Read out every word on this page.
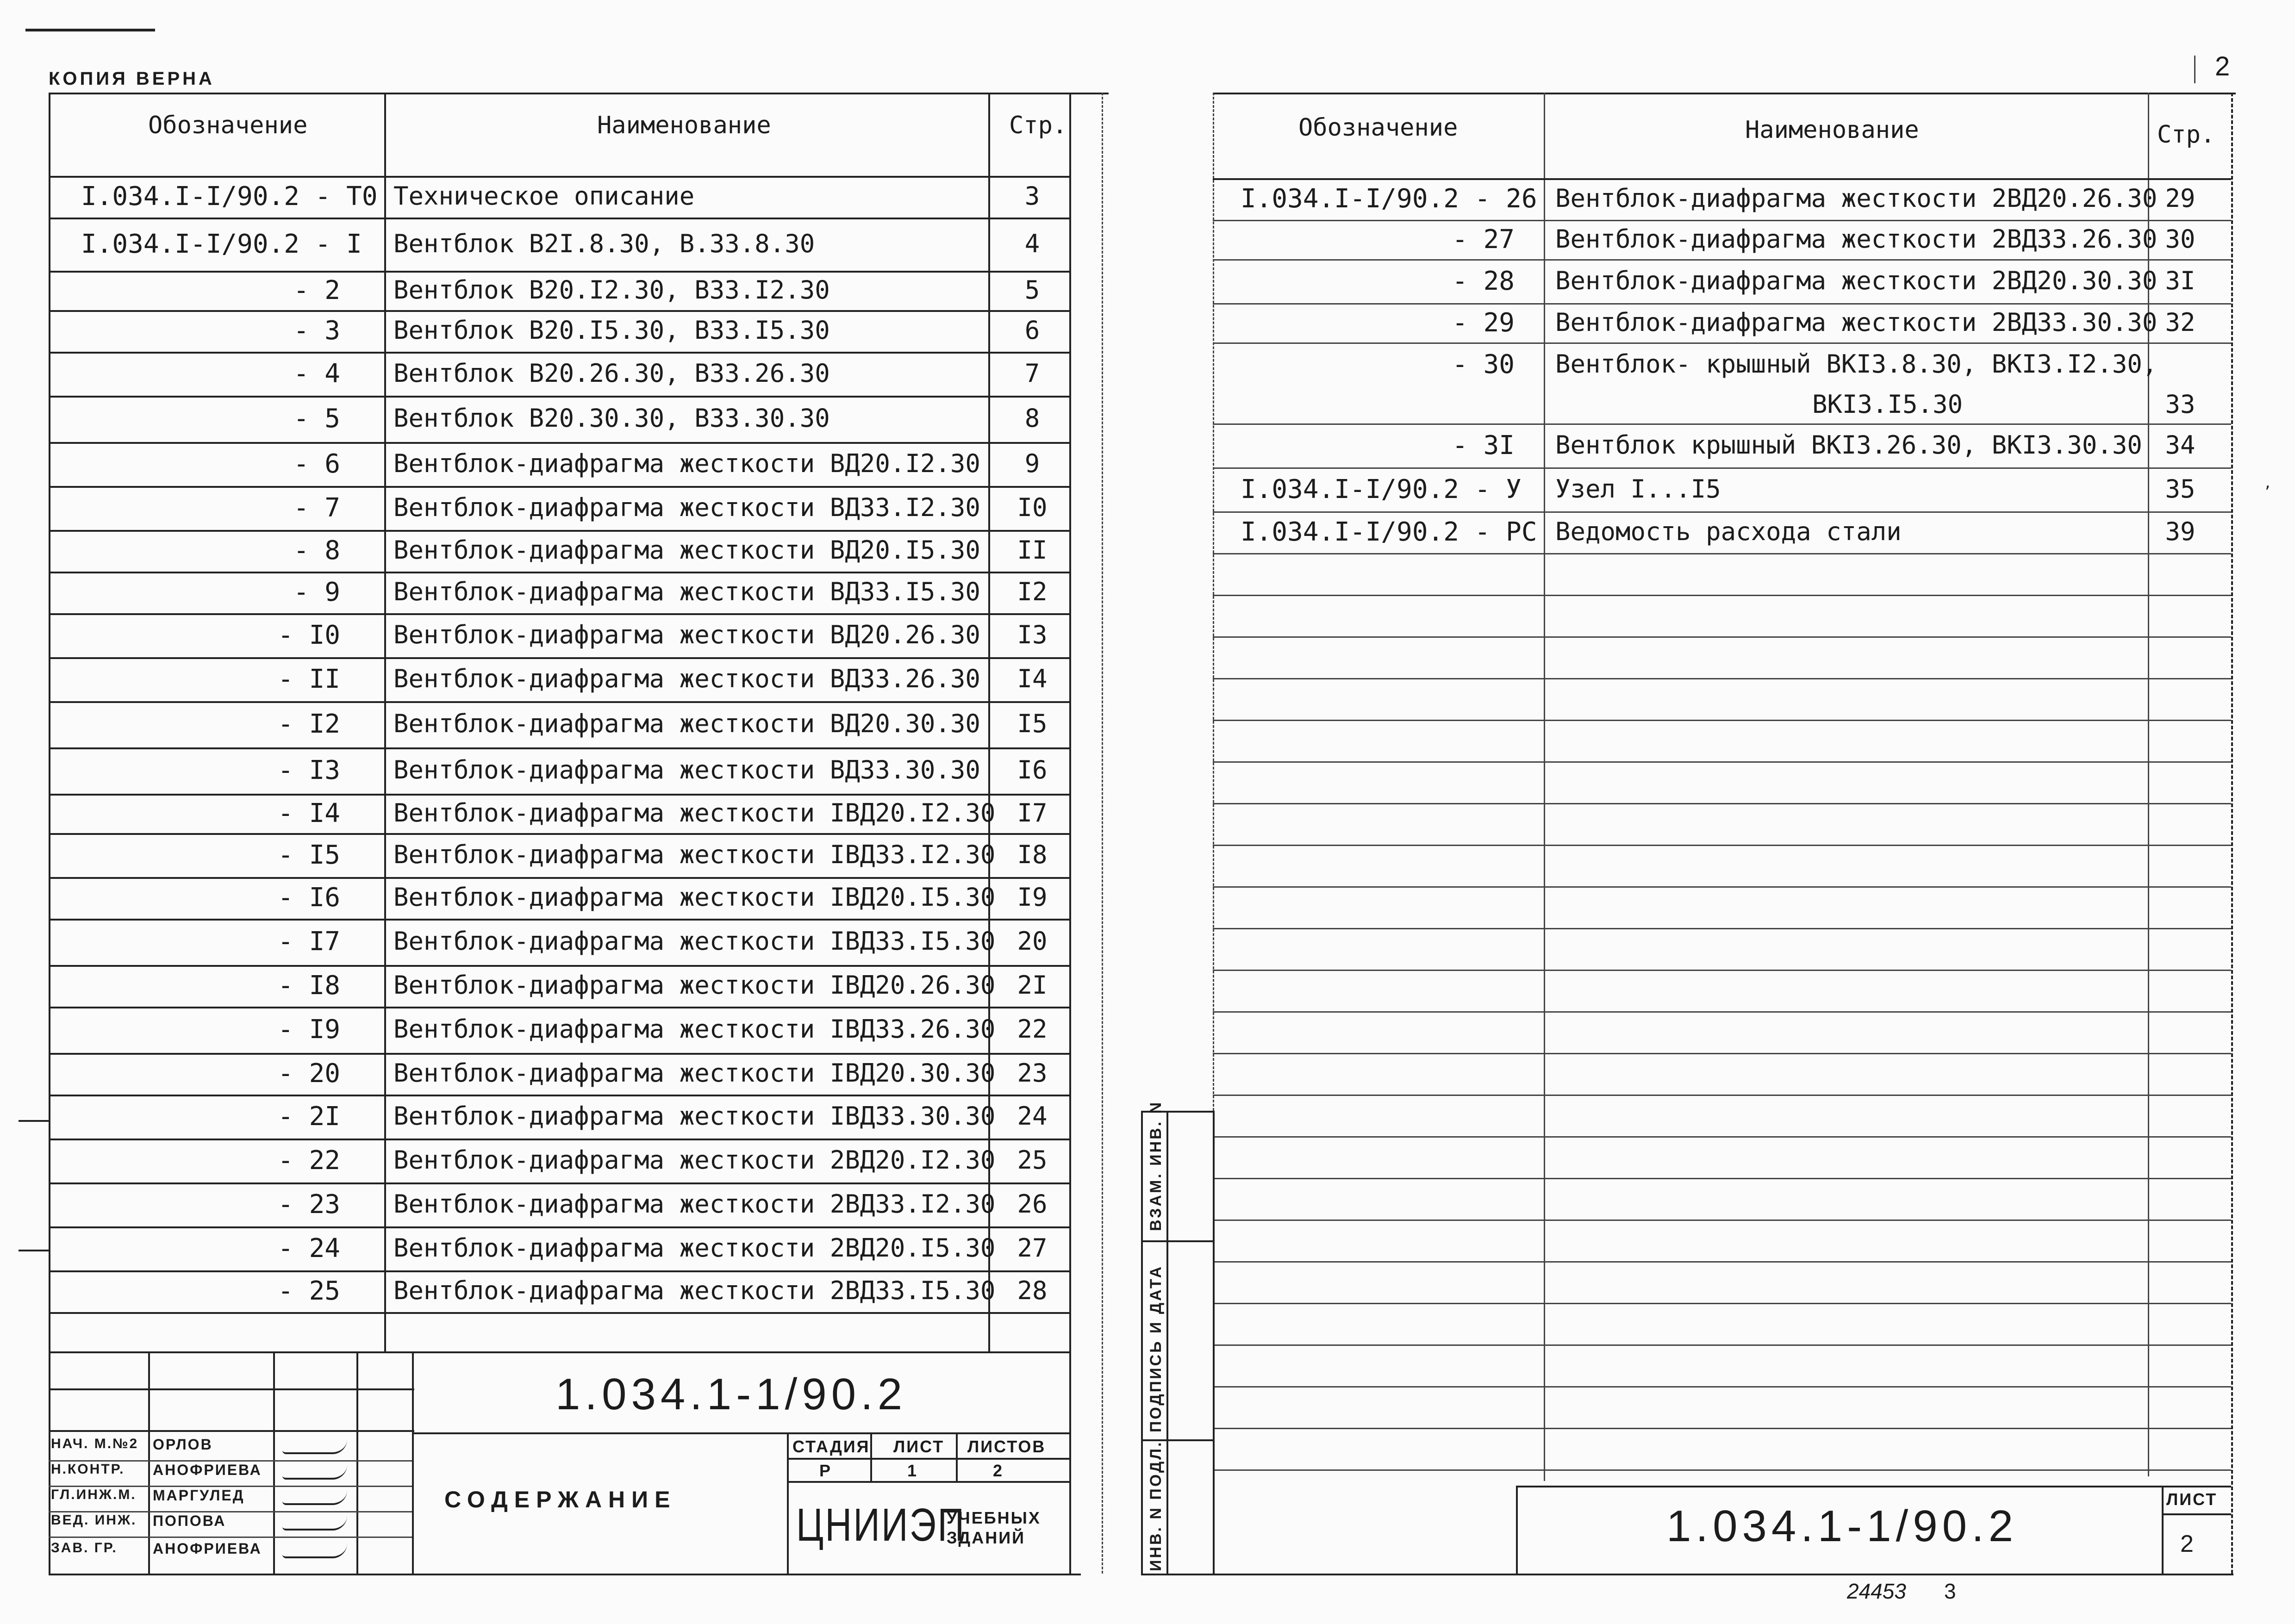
КОПИЯ ВЕРНА
Обозначение	Наименование	Стр.
I.034.I-I/90.2 - T0 Техническое описание	3
I.034.I-I/90.2 - I Вентблок В2I.8.30, В.33.8.30	4
- 2 Вентблок В20.I2.30, В33.I2.30	5
- 3 Вентблок В20.I5.30, В33.I5.30	6
- 4 Вентблок В20.26.30, В33.26.30	7
- 5 Вентблок В20.30.30, В33.30.30	8
- 6 Вентблок-диафрагма жесткости ВД20.I2.30	9
- 7 Вентблок-диафрагма жесткости ВД33.I2.30 I0
- 8 Вентблок-диафрагма жесткости ВД20.I5.30 II
- 9 Вентблок-диафрагма жесткости ВД33.I5.30 I2
- I0 Вентблок-диафрагма жесткости ВД20.26.30 I3
- II Вентблок-диафрагма жесткости ВД33.26.30 I4
- I2 Вентблок-диафрагма жесткости ВД20.30.30 I5
- I3 Вентблок-диафрагма жесткости ВД33.30.30 I6
- I4 Вентблок-диафрагма жесткости IВД20.I2.30 I7
- I5 Вентблок-диафрагма жесткости IВД33.I2.30 I8
- I6 Вентблок-диафрагма жесткости IВД20.I5.30 I9
- I7 Вентблок-диафрагма жесткости IВД33.I5.30 20
- I8 Вентблок-диафрагма жесткости IВД20.26.30 2I
- I9 Вентблок-диафрагма жесткости IВД33.26.30 22
- 20 Вентблок-диафрагма жесткости IВД20.30.30 23
- 2I Вентблок-диафрагма жесткости IВД33.30.30 24
- 22 Вентблок-диафрагма жесткости 2ВД20.I2.30 25
- 23 Вентблок-диафрагма жесткости 2ВД33.I2.30 26
- 24 Вентблок-диафрагма жесткости 2ВД20.I5.30 27
- 25 Вентблок-диафрагма жесткости 2ВД33.I5.30 28
1.034.1-1/90.2
СОДЕРЖАНИЕ
СТАДИЯ ЛИСТ ЛИСТОВ
Р	1	2
ЦНИИЭП
УЧЕБНЫХ
ЗДАНИЙ
НАЧ. М.№2 ОРЛОВ
Н.КОНТР. АНОФРИЕВА
ГЛ.ИНЖ.М. МАРГУЛЕД
ВЕД. ИНЖ. ПОПОВА
ЗАВ. ГР. АНОФРИЕВА
2
Обозначение	Наименование	Стр.
I.034.I-I/90.2 - 26 Вентблок-диафрагма жесткости 2ВД20.26.30 29
- 27 Вентблок-диафрагма жесткости 2ВД33.26.30 30
- 28 Вентблок-диафрагма жесткости 2ВД20.30.30 3I
- 29 Вентблок-диафрагма жесткости 2ВД33.30.30 32
- 30 Вентблок- крышный ВКI3.8.30, ВКI3.I2.30,
ВКI3.I5.30	33
- 3I Вентблок крышный ВКI3.26.30, ВКI3.30.30 34
I.034.I-I/90.2 - У Узел I...I5	35
I.034.I-I/90.2 - PC Ведомость расхода стали	39
ВЗАМ. ИНВ. N
ПОДПИСЬ И ДАТА
ИНВ. N ПОДЛ.	1.034.1-1/90.2
ЛИСТ
2
24453 3
,
